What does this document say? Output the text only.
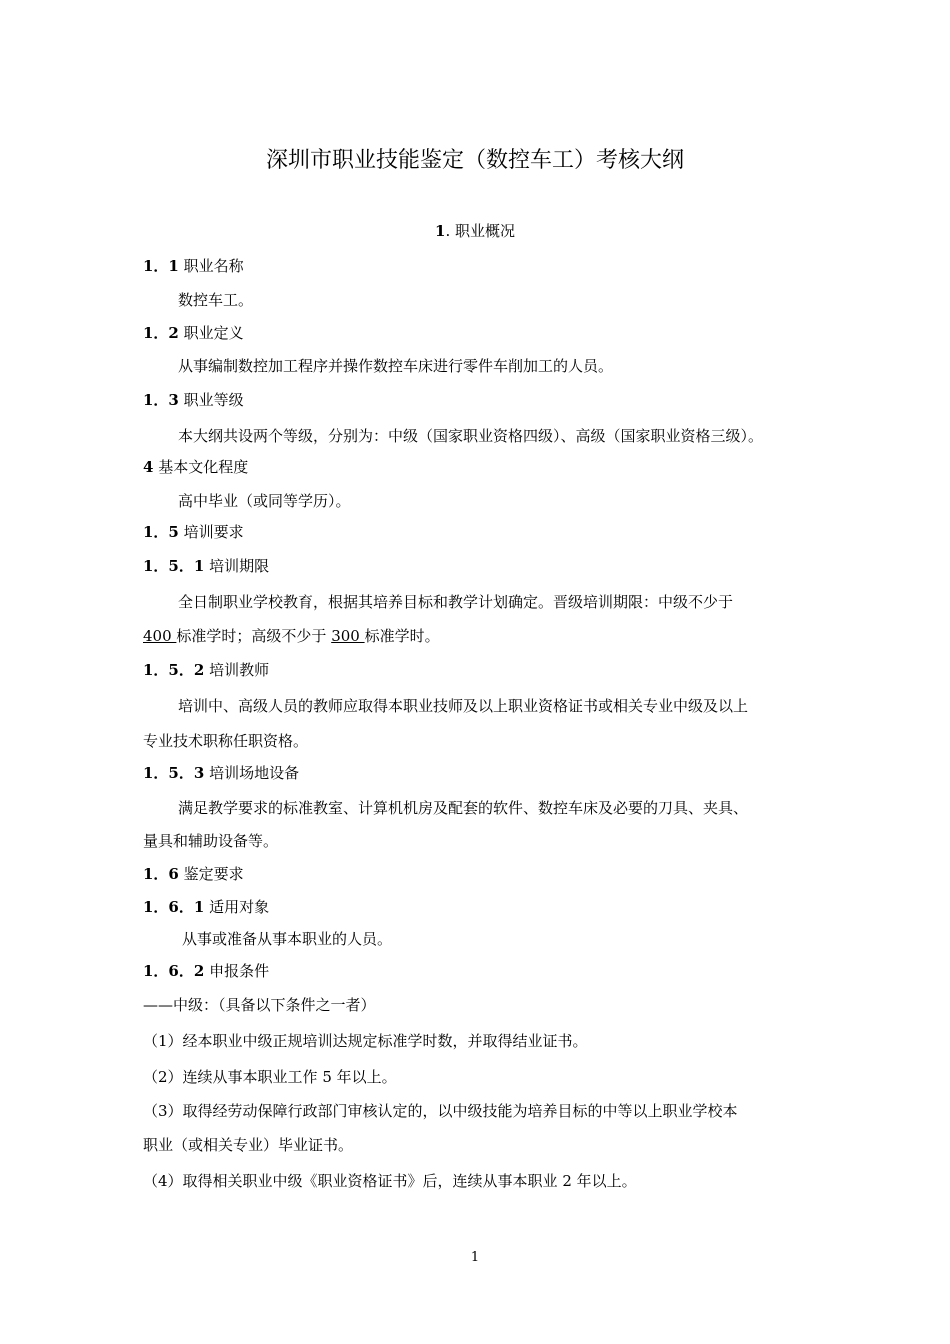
深圳市职业技能鉴定（数控车工）考核大纲
1. 职业概况
1．1 职业名称
数控车工。
1．2 职业定义
从事编制数控加工程序并操作数控车床进行零件车削加工的人员。
1．3 职业等级
本大纲共设两个等级，分别为：中级（国家职业资格四级）、高级（国家职业资格三级）。
4 基本文化程度
高中毕业（或同等学历）。
1．5 培训要求
1．5．1 培训期限
全日制职业学校教育，根据其培养目标和教学计划确定。晋级培训期限：中级不少于
400 标准学时；高级不少于 300 标准学时。
1．5．2 培训教师
培训中、高级人员的教师应取得本职业技师及以上职业资格证书或相关专业中级及以上
专业技术职称任职资格。
1．5．3 培训场地设备
满足教学要求的标准教室、计算机机房及配套的软件、数控车床及必要的刀具、夹具、
量具和辅助设备等。
1．6 鉴定要求
1．6．1 适用对象
从事或准备从事本职业的人员。
1．6．2 申报条件
——中级：（具备以下条件之一者）
（1）经本职业中级正规培训达规定标准学时数，并取得结业证书。
（2）连续从事本职业工作 5 年以上。
（3）取得经劳动保障行政部门审核认定的，以中级技能为培养目标的中等以上职业学校本
职业（或相关专业）毕业证书。
（4）取得相关职业中级《职业资格证书》后，连续从事本职业 2 年以上。
1
